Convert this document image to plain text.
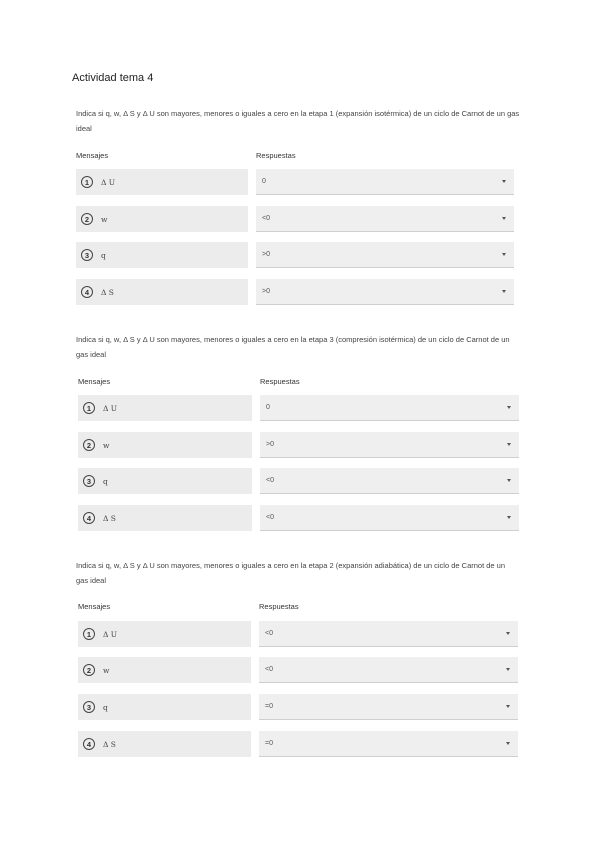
Actividad tema 4
Indica si q, w, Δ S y Δ U son mayores, menores o iguales a cero en la etapa 1 (expansión isotérmica) de un ciclo de Carnot de un gas ideal
Mensajes	Respuestas
1	Δ U	0
2	w	<0
3	q	>0
4	Δ S	>0
Indica si q, w, Δ S y Δ U son mayores, menores o iguales a cero en la etapa 3 (compresión isotérmica) de un ciclo de Carnot de un gas ideal
Mensajes	Respuestas
1	Δ U	0
2	w	>0
3	q	<0
4	Δ S	<0
Indica si q, w, Δ S y Δ U son mayores, menores o iguales a cero en la etapa 2 (expansión adiabática) de un ciclo de Carnot de un gas ideal
Mensajes	Respuestas
1	Δ U	<0
2	w	<0
3	q	=0
4	Δ S	=0
